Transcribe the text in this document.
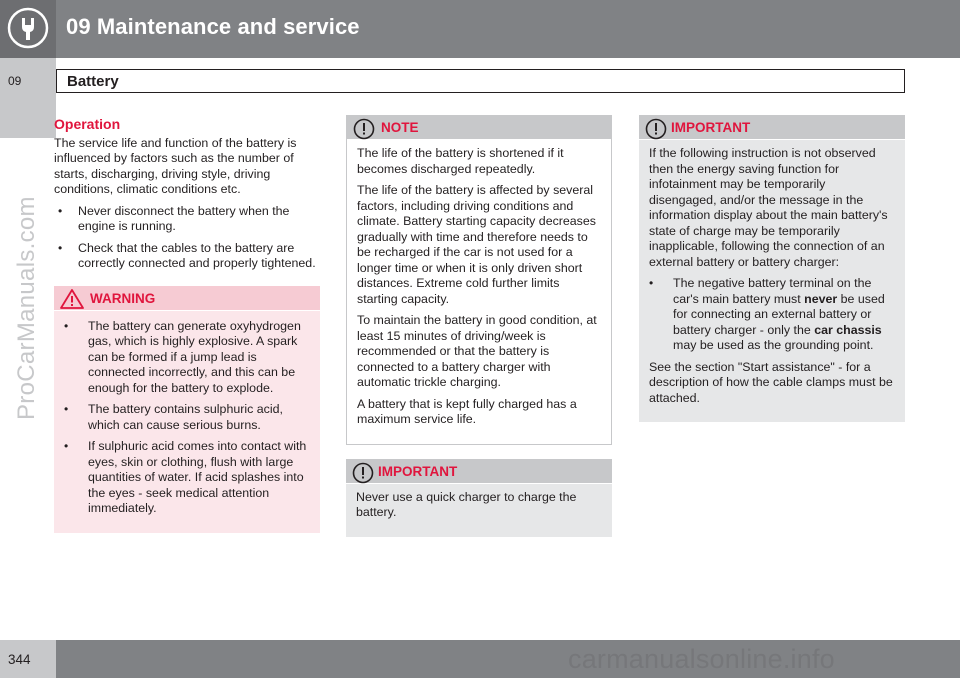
09 Maintenance and service
09	Battery
ProCarManuals.com
Operation

The service life and function of the battery is influenced by factors such as the number of starts, discharging, driving style, driving conditions, climatic conditions etc.

• Never disconnect the battery when the engine is running.
• Check that the cables to the battery are correctly connected and properly tightened.
WARNING
• The battery can generate oxyhydrogen gas, which is highly explosive. A spark can be formed if a jump lead is connected incorrectly, and this can be enough for the battery to explode.
• The battery contains sulphuric acid, which can cause serious burns.
• If sulphuric acid comes into contact with eyes, skin or clothing, flush with large quantities of water. If acid splashes into the eyes - seek medical attention immediately.
NOTE

The life of the battery is shortened if it becomes discharged repeatedly.

The life of the battery is affected by several factors, including driving conditions and climate. Battery starting capacity decreases gradually with time and therefore needs to be recharged if the car is not used for a longer time or when it is only driven short distances. Extreme cold further limits starting capacity.

To maintain the battery in good condition, at least 15 minutes of driving/week is recommended or that the battery is connected to a battery charger with automatic trickle charging.

A battery that is kept fully charged has a maximum service life.

IMPORTANT

Never use a quick charger to charge the battery.

IMPORTANT

If the following instruction is not observed then the energy saving function for infotainment may be temporarily disengaged, and/or the message in the information display about the main battery's state of charge may be temporarily inapplicable, following the connection of an external battery or battery charger:

• The negative battery terminal on the car's main battery must never be used for connecting an external battery or battery charger - only the car chassis may be used as the grounding point.

See the section "Start assistance" - for a description of how the cable clamps must be attached.

344	carmanualsonline.info
